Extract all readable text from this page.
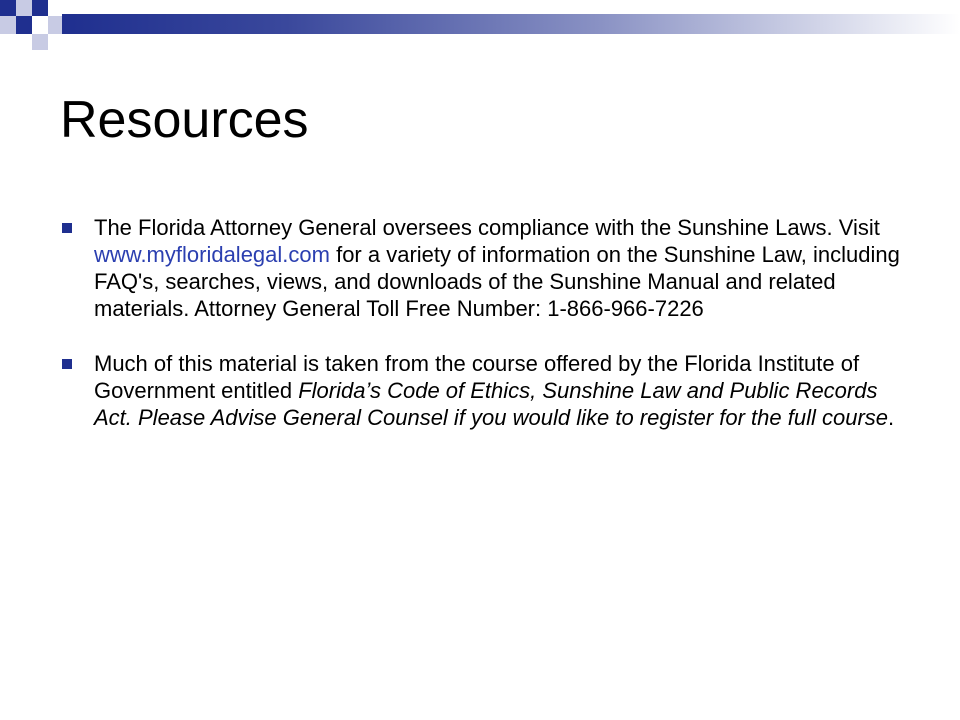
Resources
The Florida Attorney General oversees compliance with the Sunshine Laws. Visit www.myfloridalegal.com for a variety of information on the Sunshine Law, including FAQ's, searches, views, and downloads of the Sunshine Manual and related materials. Attorney General Toll Free Number: 1-866-966-7226
Much of this material is taken from the course offered by the Florida Institute of Government entitled Florida’s Code of Ethics, Sunshine Law and Public Records Act. Please Advise General Counsel if you would like to register for the full course.
